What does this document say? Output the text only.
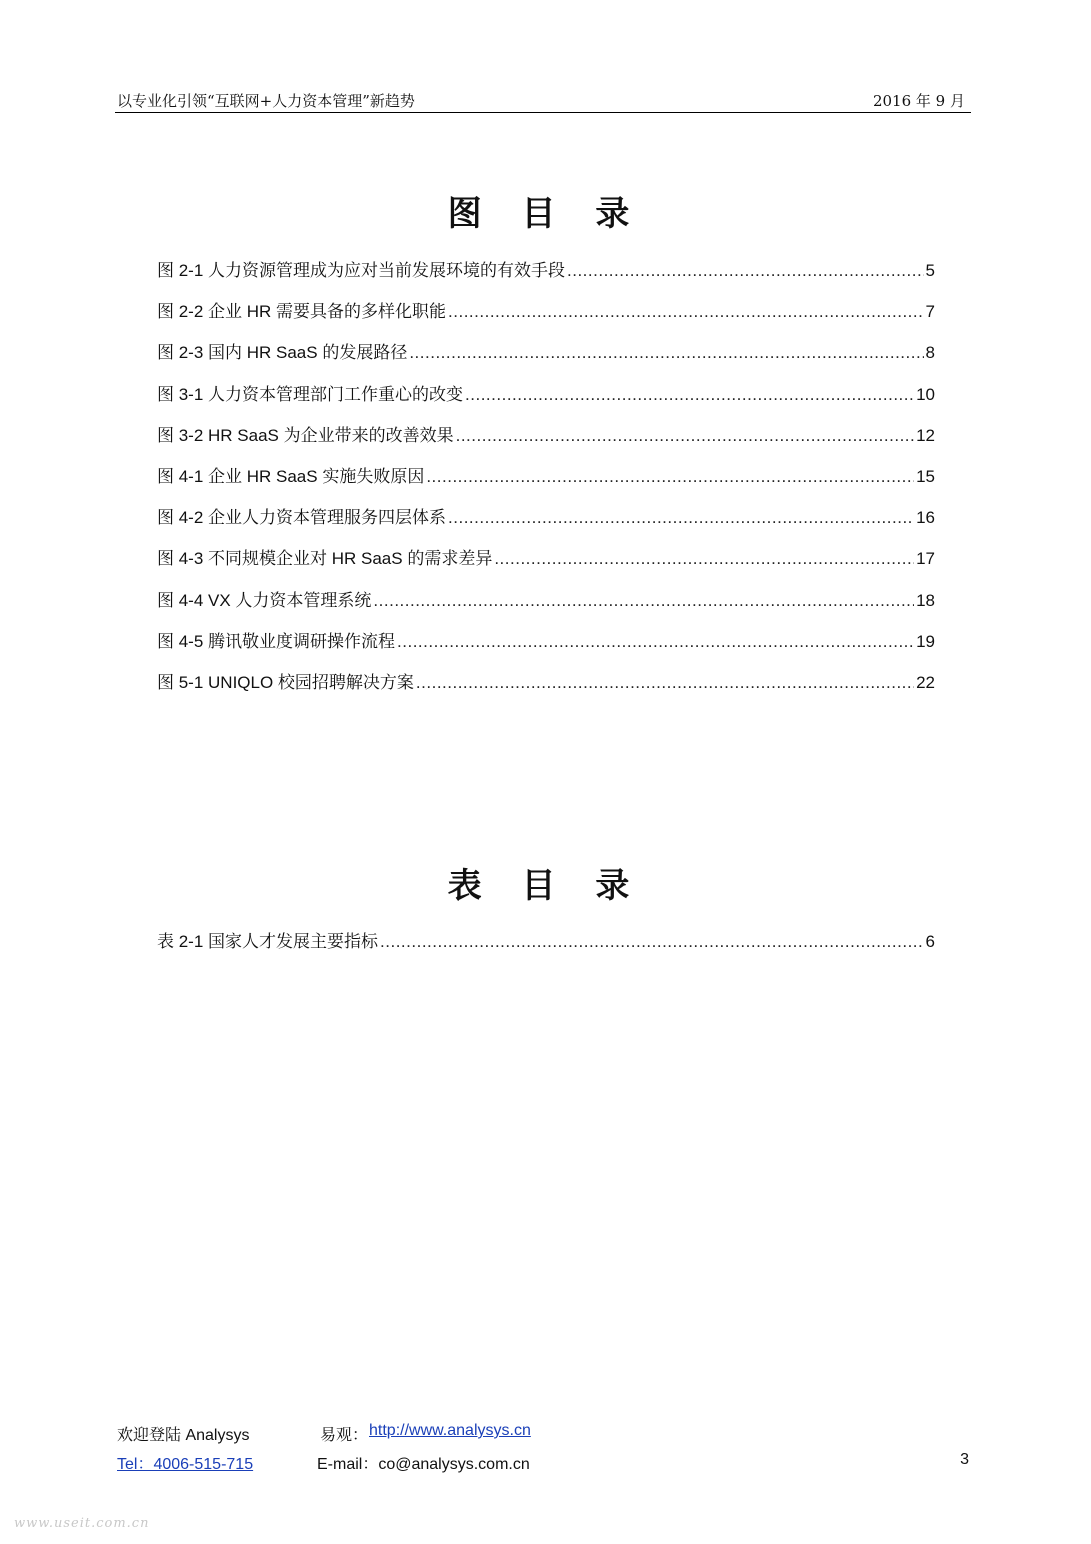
以专业化引领“互联网+人力资本管理”新趋势	2016 年 9 月
图 目 录
图 2-1 人力资源管理成为应对当前发展环境的有效手段 .....	5
图 2-2 企业 HR 需要具备的多样化职能 .....	7
图 2-3 国内 HR SaaS 的发展路径 .....	8
图 3-1 人力资本管理部门工作重心的改变 .....	10
图 3-2 HR SaaS 为企业带来的改善效果 .....	12
图 4-1 企业 HR SaaS 实施失败原因 .....	15
图 4-2 企业人力资本管理服务四层体系 .....	16
图 4-3 不同规模企业对 HR SaaS 的需求差异 .....	17
图 4-4 VX 人力资本管理系统 .....	18
图 4-5 腾讯敬业度调研操作流程 .....	19
图 5-1 UNIQLO 校园招聘解决方案 .....	22
表 目 录
表 2-1 国家人才发展主要指标 .....	6
欢迎登陆 Analysys	易观： http://www.analysys.cn
Tel：4006-515-715	E-mail：co@analysys.com.cn	3
www.useit.com.cn
